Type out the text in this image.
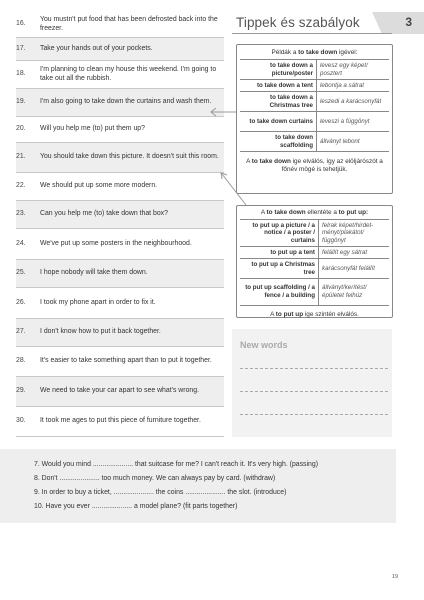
16.
You mustn't put food that has been defrosted back into the freezer.
17. Take your hands out of your pockets.
18.
I'm planning to clean my house this weekend. I'm going to take out all the rubbish.
19. I'm also going to take down the curtains and wash them.
20. Will you help me (to) put them up?
21. You should take down this picture. It doesn't suit this room.
22. We should put up some more modern.
23. Can you help me (to) take down that box?
24. We've put up some posters in the neighbourhood.
25. I hope nobody will take them down.
26. I took my phone apart in order to fix it.
27. I don't know how to put it back together.
28. It's easier to take something apart than to put it together.
29. We need to take your car apart to see what's wrong.
30. It took me ages to put this piece of furniture together.
Tippek és szabályok	3
Példák a to take down igével:
to take down a picture/poster	levesz egy képet/ posztert
to take down a tent	lebontja a sátrat
to take down a Christmas tree	leszedi a karácsonyfát
to take down curtains	leveszi a függönyt
to take down scaffolding	állványt lebont
A to take down ige elválós, így az elöljárószót a főnév mögé is tehetjük.
A to take down ellentéte a to put up:
to put up a picture / a notice / a poster / curtains	felrak képet/hirdet-ményt/plakátot/ függönyt
to put up a tent	felállít egy sátrat
to put up a Christmas tree	karácsonyfát felállít
to put up scaffolding / a fence / a building	állványt/kerítést/ épületet felhúz
A to put up ige szintén elválós.
New words
7. Would you mind ..................... that suitcase for me? I can't reach it. It's very high. (passing)
8. Don't ..................... too much money. We can always pay by card. (withdraw)
9. In order to buy a ticket, ..................... the coins ..................... the slot. (introduce)
10. Have you ever ..................... a model plane? (fit parts together)
19
